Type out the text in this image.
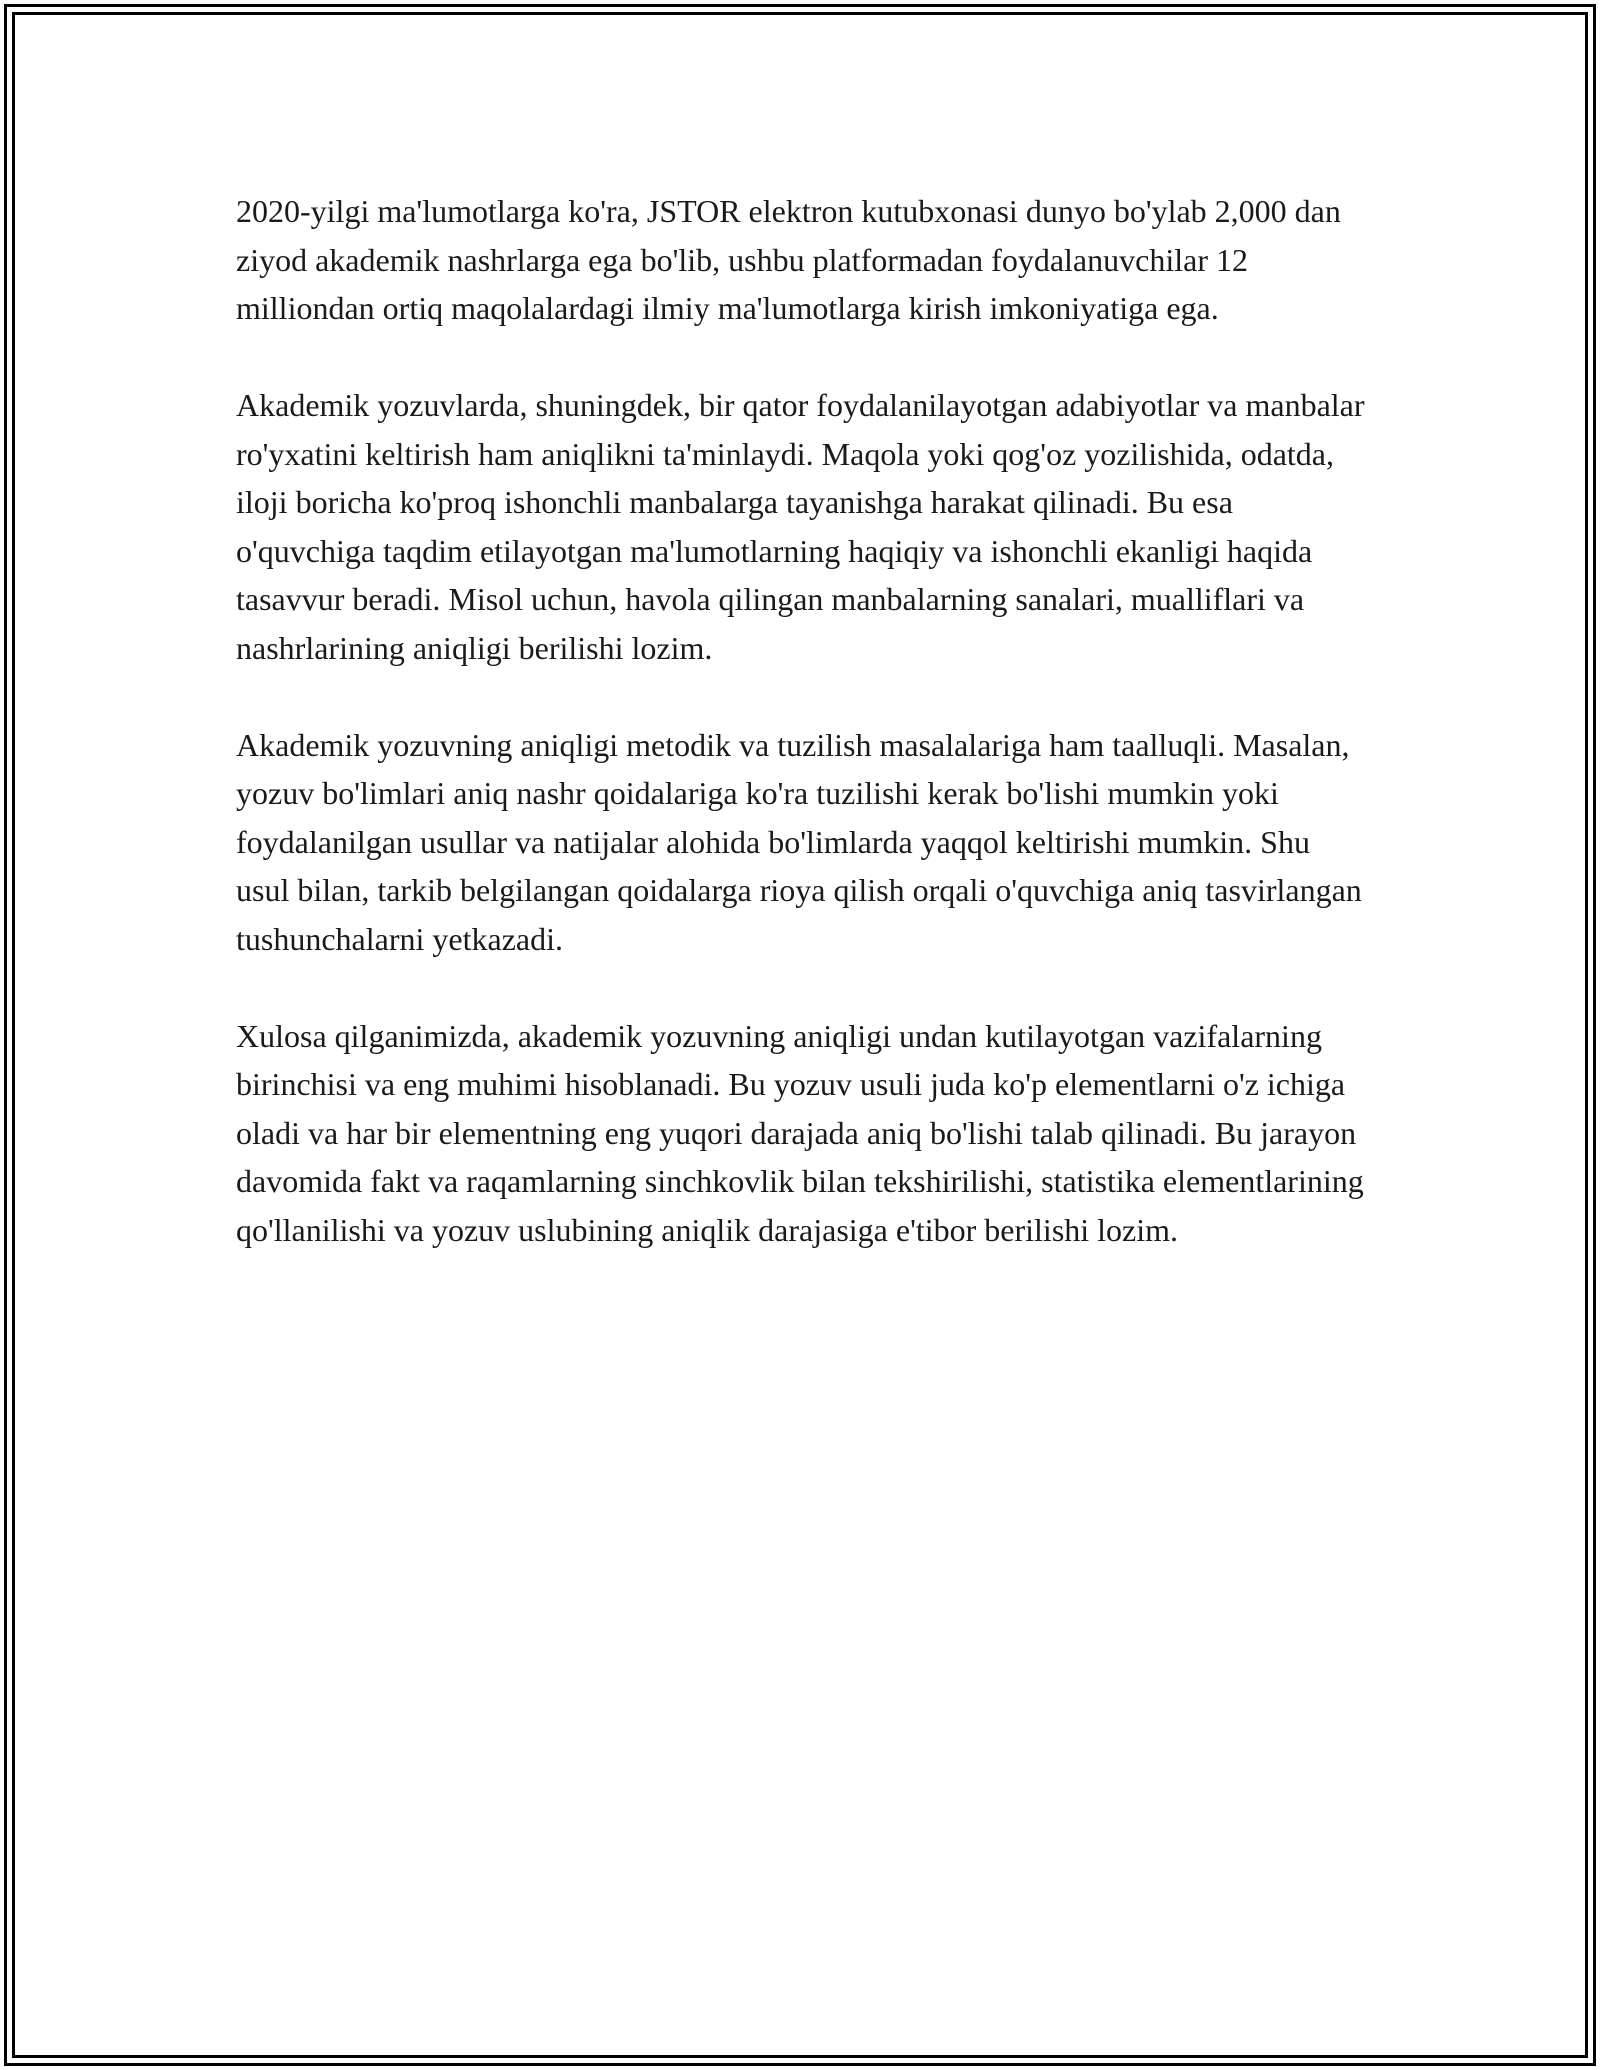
2020-yilgi ma'lumotlarga ko'ra, JSTOR elektron kutubxonasi dunyo bo'ylab 2,000 dan ziyod akademik nashrlarga ega bo'lib, ushbu platformadan foydalanuvchilar 12 milliondan ortiq maqolalardagi ilmiy ma'lumotlarga kirish imkoniyatiga ega.

Akademik yozuvlarda, shuningdek, bir qator foydalanilayotgan adabiyotlar va manbalar ro'yxatini keltirish ham aniqlikni ta'minlaydi. Maqola yoki qog'oz yozilishida, odatda, iloji boricha ko'proq ishonchli manbalarga tayanishga harakat qilinadi. Bu esa o'quvchiga taqdim etilayotgan ma'lumotlarning haqiqiy va ishonchli ekanligi haqida tasavvur beradi. Misol uchun, havola qilingan manbalarning sanalari, mualliflari va nashrlarining aniqligi berilishi lozim.

Akademik yozuvning aniqligi metodik va tuzilish masalalariga ham taalluqli. Masalan, yozuv bo'limlari aniq nashr qoidalariga ko'ra tuzilishi kerak bo'lishi mumkin yoki foydalanilgan usullar va natijalar alohida bo'limlarda yaqqol keltirishi mumkin. Shu usul bilan, tarkib belgilangan qoidalarga rioya qilish orqali o'quvchiga aniq tasvirlangan tushunchalarni yetkazadi.

Xulosa qilganimizda, akademik yozuvning aniqligi undan kutilayotgan vazifalarning birinchisi va eng muhimi hisoblanadi. Bu yozuv usuli juda ko'p elementlarni o'z ichiga oladi va har bir elementning eng yuqori darajada aniq bo'lishi talab qilinadi. Bu jarayon davomida fakt va raqamlarning sinchkovlik bilan tekshirilishi, statistika elementlarining qo'llanilishi va yozuv uslubining aniqlik darajasiga e'tibor berilishi lozim.
